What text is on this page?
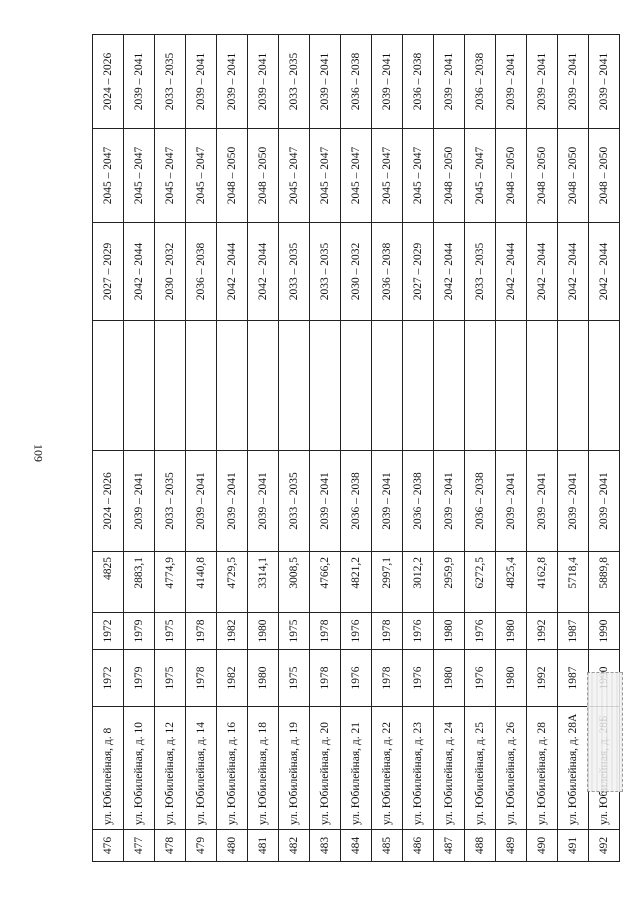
109
476	ул. Юбилейная, д. 8	1972	1972	4825	2024 – 2026		2027 – 2029	2045 – 2047	2024 – 2026
477	ул. Юбилейная, д. 10	1979	1979	2883,1	2039 – 2041		2042 – 2044	2045 – 2047	2039 – 2041
478	ул. Юбилейная, д. 12	1975	1975	4774,9	2033 – 2035		2030 – 2032	2045 – 2047	2033 – 2035
479	ул. Юбилейная, д. 14	1978	1978	4140,8	2039 – 2041		2036 – 2038	2045 – 2047	2039 – 2041
480	ул. Юбилейная, д. 16	1982	1982	4729,5	2039 – 2041		2042 – 2044	2048 – 2050	2039 – 2041
481	ул. Юбилейная, д. 18	1980	1980	3314,1	2039 – 2041		2042 – 2044	2048 – 2050	2039 – 2041
482	ул. Юбилейная, д. 19	1975	1975	3008,5	2033 – 2035		2033 – 2035	2045 – 2047	2033 – 2035
483	ул. Юбилейная, д. 20	1978	1978	4766,2	2039 – 2041		2033 – 2035	2045 – 2047	2039 – 2041
484	ул. Юбилейная, д. 21	1976	1976	4821,2	2036 – 2038		2030 – 2032	2045 – 2047	2036 – 2038
485	ул. Юбилейная, д. 22	1978	1978	2997,1	2039 – 2041		2036 – 2038	2045 – 2047	2039 – 2041
486	ул. Юбилейная, д. 23	1976	1976	3012,2	2036 – 2038		2027 – 2029	2045 – 2047	2036 – 2038
487	ул. Юбилейная, д. 24	1980	1980	2959,9	2039 – 2041		2042 – 2044	2048 – 2050	2039 – 2041
488	ул. Юбилейная, д. 25	1976	1976	6272,5	2036 – 2038		2033 – 2035	2045 – 2047	2036 – 2038
489	ул. Юбилейная, д. 26	1980	1980	4825,4	2039 – 2041		2042 – 2044	2048 – 2050	2039 – 2041
490	ул. Юбилейная, д. 28	1992	1992	4162,8	2039 – 2041		2042 – 2044	2048 – 2050	2039 – 2041
491	ул. Юбилейная, д. 28А	1987	1987	5718,4	2039 – 2041		2042 – 2044	2048 – 2050	2039 – 2041
492			1990	5889,8	2039 – 2041		2042 – 2044	2048 – 2050	2039 – 2041
